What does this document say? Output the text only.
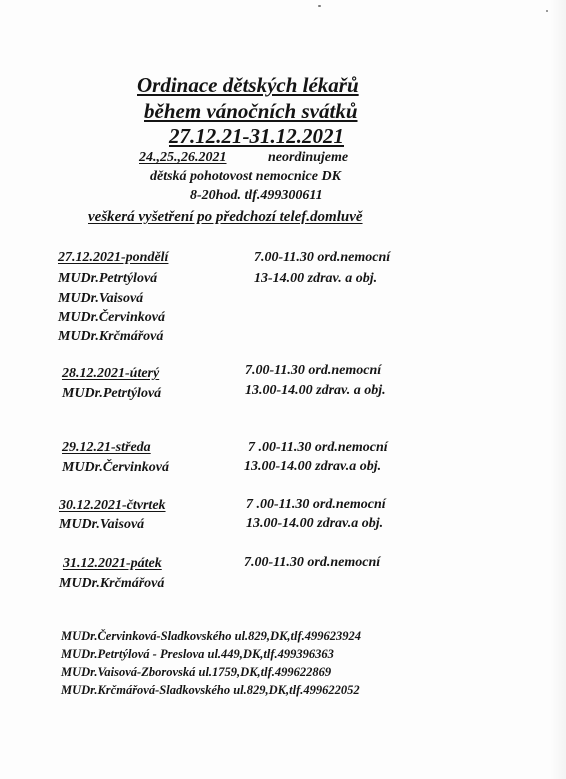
Ordinace dětských lékařů
během vánočních svátků
27.12.21-31.12.2021
24.,25.,26.2021	neordinujeme
dětská pohotovost nemocnice DK
8-20hod. tlf.499300611
veškerá vyšetření po předchozí telef.domluvě
27.12.2021-pondělí
MUDr.Petrtýlová
MUDr.Vaisová
MUDr.Červinková
MUDr.Krčmářová
7.00-11.30 ord.nemocní
13-14.00 zdrav. a obj.
28.12.2021-úterý
MUDr.Petrtýlová
7.00-11.30 ord.nemocní
13.00-14.00 zdrav. a obj.
29.12.21-středa
MUDr.Červinková
7 .00-11.30 ord.nemocní
13.00-14.00 zdrav.a obj.
30.12.2021-čtvrtek
MUDr.Vaisová
7 .00-11.30 ord.nemocní
13.00-14.00 zdrav.a obj.
31.12.2021-pátek
MUDr.Krčmářová
7.00-11.30 ord.nemocní
MUDr.Červinková-Sladkovského ul.829,DK,tlf.499623924
MUDr.Petrtýlová - Preslova ul.449,DK,tlf.499396363
MUDr.Vaisová-Zborovská ul.1759,DK,tlf.499622869
MUDr.Krčmářová-Sladkovského ul.829,DK,tlf.499622052
